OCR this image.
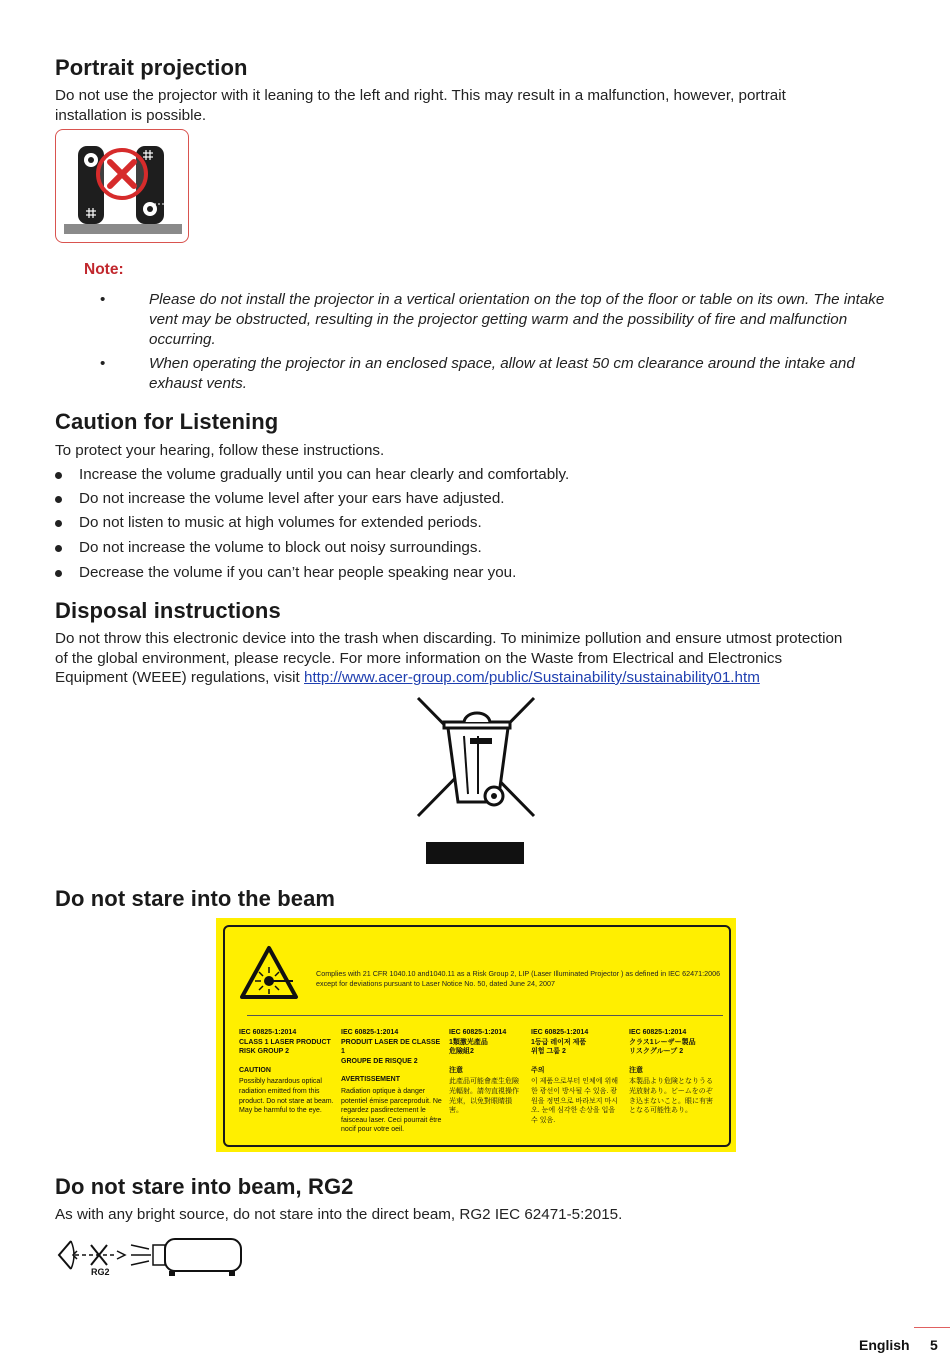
Portrait projection

Do not use the projector with it leaning to the left and right. This may result in a malfunction, however, portrait

installation is possible.

Note:
•	Please do not install the projector in a vertical orientation on the top of the floor or table on its own. The intake vent may be obstructed, resulting in the projector getting warm and the possibility of fire and malfunction occurring.
•	When operating the projector in an enclosed space, allow at least 50 cm clearance around the intake and exhaust vents.
Caution for Listening

To protect your hearing, follow these instructions.

Increase the volume gradually until you can hear clearly and comfortably.
Do not increase the volume level after your ears have adjusted.
Do not listen to music at high volumes for extended periods.
Do not increase the volume to block out noisy surroundings.
Decrease the volume if you can’t hear people speaking near you.
Disposal instructions

Do not throw this electronic device into the trash when discarding. To minimize pollution and ensure utmost protection

of the global environment, please recycle. For more information on the Waste from Electrical and Electronics

Equipment (WEEE) regulations, visit http://www.acer-group.com/public/Sustainability/sustainability01.htm

Do not stare into the beam
Complies with 21 CFR 1040.10 and1040.11 as a Risk Group 2, LIP (Laser Illuminated Projector ) as defined in IEC 62471:2006 except for deviations pursuant to Laser Notice No. 50, dated June 24, 2007
IEC 60825-1:2014
CLASS 1 LASER PRODUCT
RISK GROUP 2
CAUTION
Possibly hazardous optical radiation emitted from this product. Do not stare at beam. May be harmful to the eye.
IEC 60825-1:2014
PRODUIT LASER DE CLASSE 1
GROUPE DE RISQUE 2
AVERTISSEMENT
Radiation optique à danger potentiel émise parceproduit. Ne regardez pasdirectement le faisceau laser. Ceci pourrait être nocif pour votre oeil.
IEC 60825-1:2014
1類激光產品
危險組2
注意
此產品可能會產生危險光輻射。請勿直視操作光束，以免對眼睛損害。
IEC 60825-1:2014
1등급 레이저 제품
위험 그룹 2
주의
이 제품으로부터 인체에 위해한 광선이 방사될 수 있음. 광원을 정면으로 바라보지 마시오. 눈에 심각한 손상을 입을 수 있음.
IEC 60825-1:2014
クラス1レーザー製品
リスクグループ 2
注意
本製品より危険となりうる光放射あり。ビームをのぞき込まないこと。眼に有害となる可能性あり。
Do not stare into beam, RG2

As with any bright source, do not stare into the direct beam, RG2 IEC 62471-5:2015.

RG2
English 5
